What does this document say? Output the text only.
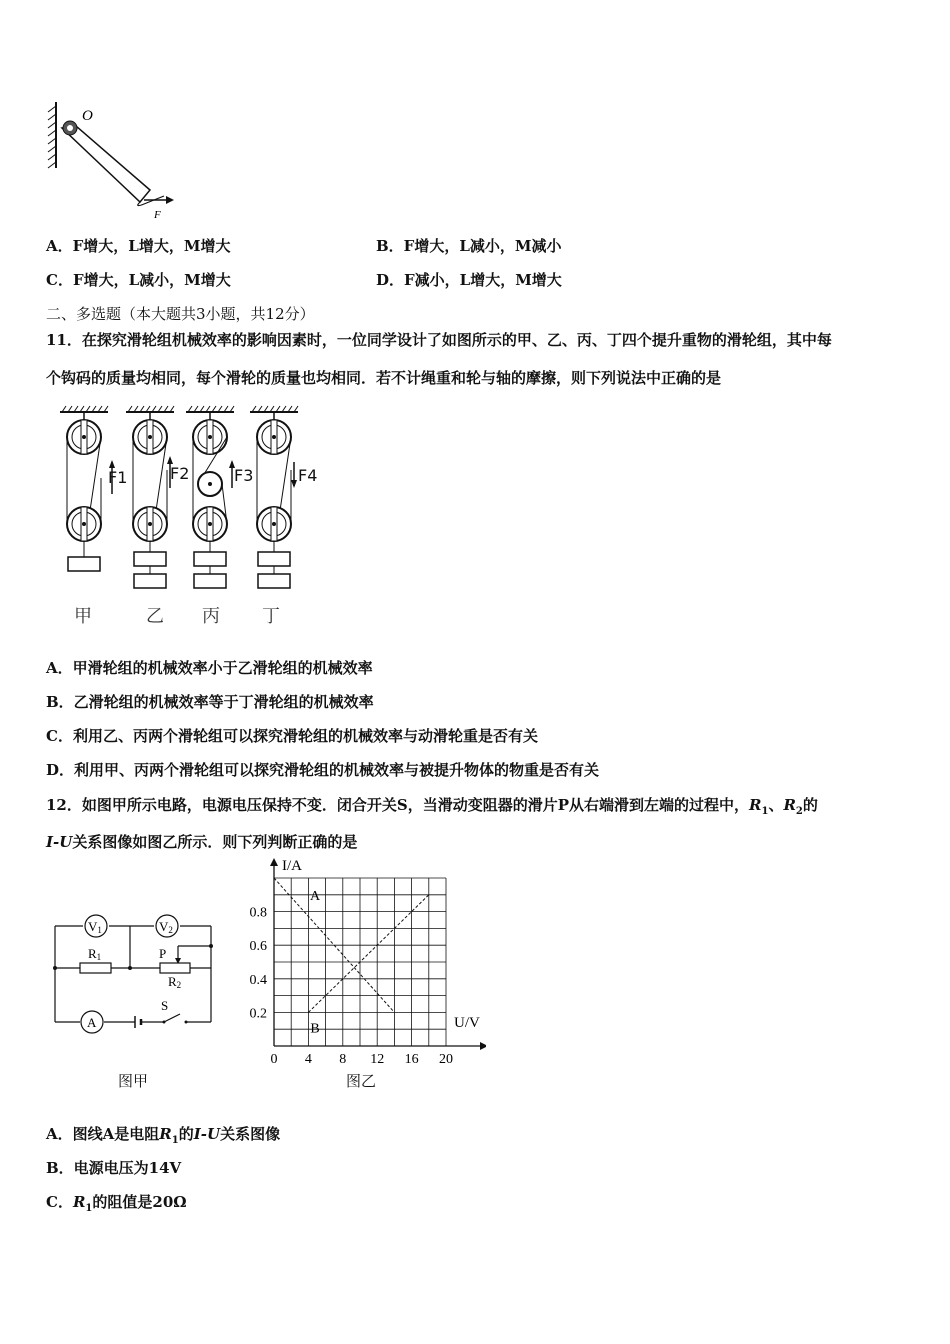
O
F
A．F增大，L增大，M增大	B．F增大，L减小，M减小
C．F增大，L减小，M增大	D．F减小，L增大，M增大
二、多选题（本大题共3小题，共12分）
11．在探究滑轮组机械效率的影响因素时，一位同学设计了如图所示的甲、乙、丙、丁四个提升重物的滑轮组，其中每
个钩码的质量均相同，每个滑轮的质量也均相同．若不计绳重和轮与轴的摩擦，则下列说法中正确的是
F1	F2	F3	F4
甲	乙 丙 丁
A．甲滑轮组的机械效率小于乙滑轮组的机械效率
B．乙滑轮组的机械效率等于丁滑轮组的机械效率
C．利用乙、丙两个滑轮组可以探究滑轮组的机械效率与动滑轮重是否有关
D．利用甲、丙两个滑轮组可以探究滑轮组的机械效率与被提升物体的物重是否有关
12．如图甲所示电路，电源电压保持不变．闭合开关S，当滑动变阻器的滑片P从右端滑到左端的过程中，$R_1$、$R_2$的
I-U关系图像如图乙所示．则下列判断正确的是
V1	V2
R1	P
R2
A
S
图甲
0 4 8 12 16 20
0.2
0.4
0.6
0.8
I/A
U/V
A
B
图乙
A．图线A是电阻$R_1$的I-U关系图像
B．电源电压为14V
C．$R_1$的阻值是20Ω
